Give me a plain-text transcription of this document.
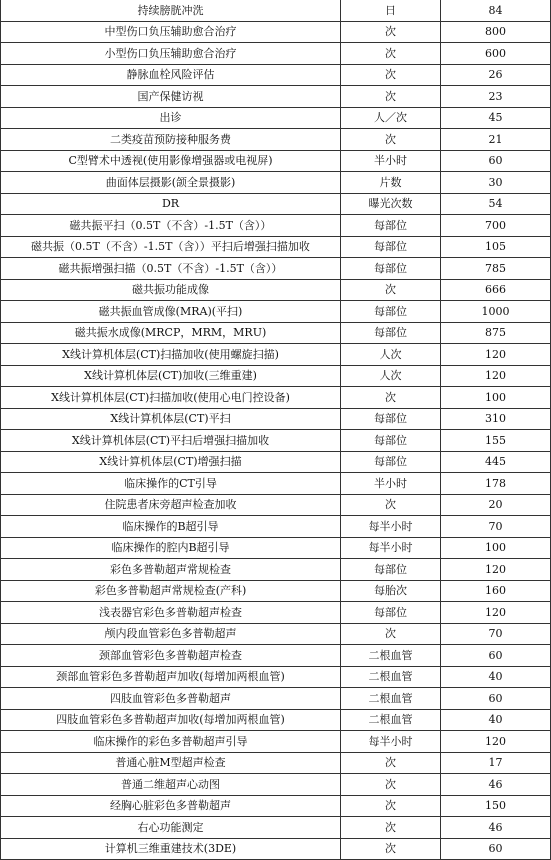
持续膀胱冲洗	日	84
中型伤口负压辅助愈合治疗	次	800
小型伤口负压辅助愈合治疗	次	600
静脉血栓风险评估	次	26
国产保健访视	次	23
出诊	人／次	45
二类疫苗预防接种服务费	次	21
C型臂术中透视(使用影像增强器或电视屏)	半小时	60
曲面体层摄影(颌全景摄影)	片数	30
DR	曝光次数	54
磁共振平扫（0.5T（不含）-1.5T（含））	每部位	700
磁共振（0.5T（不含）-1.5T（含））平扫后增强扫描加收	每部位	105
磁共振增强扫描（0.5T（不含）-1.5T（含））	每部位	785
磁共振功能成像	次	666
磁共振血管成像(MRA)(平扫)	每部位	1000
磁共振水成像(MRCP，MRM，MRU)	每部位	875
X线计算机体层(CT)扫描加收(使用螺旋扫描)	人次	120
X线计算机体层(CT)加收(三维重建)	人次	120
X线计算机体层(CT)扫描加收(使用心电门控设备)	次	100
X线计算机体层(CT)平扫	每部位	310
X线计算机体层(CT)平扫后增强扫描加收	每部位	155
X线计算机体层(CT)增强扫描	每部位	445
临床操作的CT引导	半小时	178
住院患者床旁超声检查加收	次	20
临床操作的B超引导	每半小时	70
临床操作的腔内B超引导	每半小时	100
彩色多普勒超声常规检查	每部位	120
彩色多普勒超声常规检查(产科)	每胎次	160
浅表器官彩色多普勒超声检查	每部位	120
颅内段血管彩色多普勒超声	次	70
颈部血管彩色多普勒超声检查	二根血管	60
颈部血管彩色多普勒超声加收(每增加两根血管)	二根血管	40
四肢血管彩色多普勒超声	二根血管	60
四肢血管彩色多普勒超声加收(每增加两根血管)	二根血管	40
临床操作的彩色多普勒超声引导	每半小时	120
普通心脏M型超声检查	次	17
普通二维超声心动图	次	46
经胸心脏彩色多普勒超声	次	150
右心功能测定	次	46
计算机三维重建技术(3DE)	次	60
